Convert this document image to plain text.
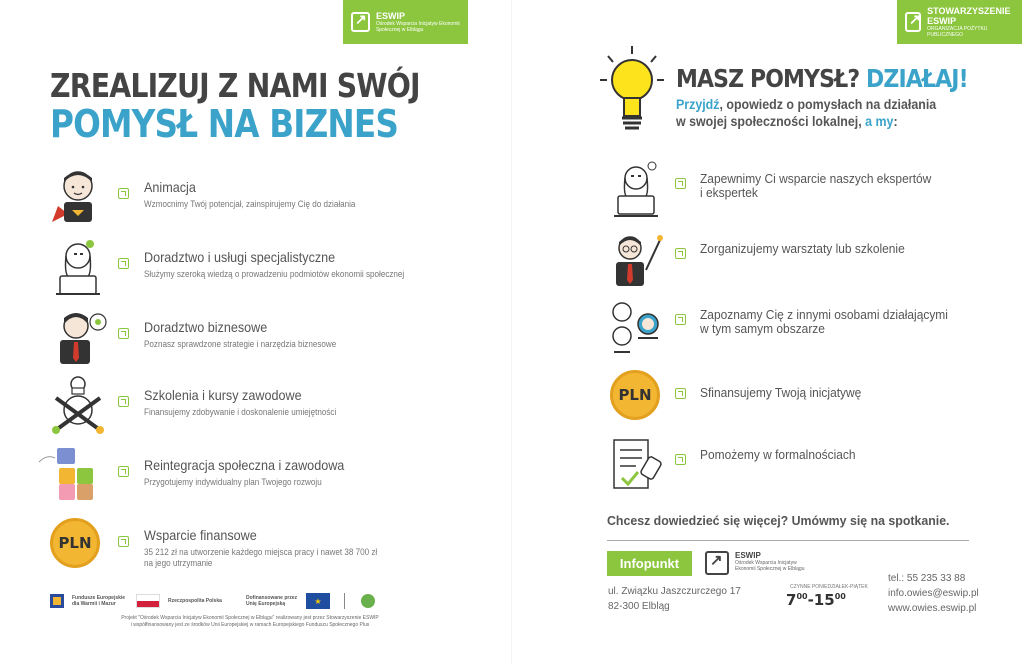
↗
ESWIP
Ośrodek Wsparcia Inicjatyw Ekonomii Społecznej w Elblągu
ZREALIZUJ Z NAMI SWÓJ
POMYSŁ NA BIZNES
Animacja
Wzmocnimy Twój potencjał, zainspirujemy Cię do działania
Doradztwo i usługi specjalistyczne
Służymy szeroką wiedzą o prowadzeniu podmiotów ekonomii społecznej
Doradztwo biznesowe
Poznasz sprawdzone strategie i narzędzia biznesowe
Szkolenia i kursy zawodowe
Finansujemy zdobywanie i doskonalenie umiejętności
Reintegracja społeczna i zawodowa
Przygotujemy indywidualny plan Twojego rozwoju
PLN	Wsparcie finansowe
35 212 zł na utworzenie każdego miejsca pracy i nawet 38 700 zł
na jego utrzymanie
Fundusze Europejskie dla Warmii i Mazur	Rzeczpospolita Polska	Dofinansowane przez Unię Europejską	★
Projekt "Ośrodek Wsparcia Inicjatyw Ekonomii Społecznej w Elblągu" realizowany jest przez Stowarzyszenie ESWIP
i współfinansowany jest ze środków Unii Europejskiej w ramach Europejskiego Funduszu Społecznego Plus
↗
STOWARZYSZENIE ESWIP
ORGANIZACJA POŻYTKU PUBLICZNEGO
MASZ POMYSŁ? DZIAŁAJ!
Przyjdź, opowiedz o pomysłach na działania
w swojej społeczności lokalnej, a my:
Zapewnimy Ci wsparcie naszych ekspertów
i ekspertek
Zorganizujemy warsztaty lub szkolenie
Zapoznamy Cię z innymi osobami działającymi
w tym samym obszarze
PLN	Sfinansujemy Twoją inicjatywę
Pomożemy w formalnościach
Chcesz dowiedzieć się więcej? Umówmy się na spotkanie.
Infopunkt
↗
ESWIP
Ośrodek Wsparcia Inicjatyw
Ekonomii Społecznej w Elblągu
ul. Związku Jaszczurczego 17
82-300 Elbląg
CZYNNE PONIEDZIAŁEK-PIĄTEK
$7^{00}-15^{00}$
tel.: 55 235 33 88
info.owies@eswip.pl
www.owies.eswip.pl
